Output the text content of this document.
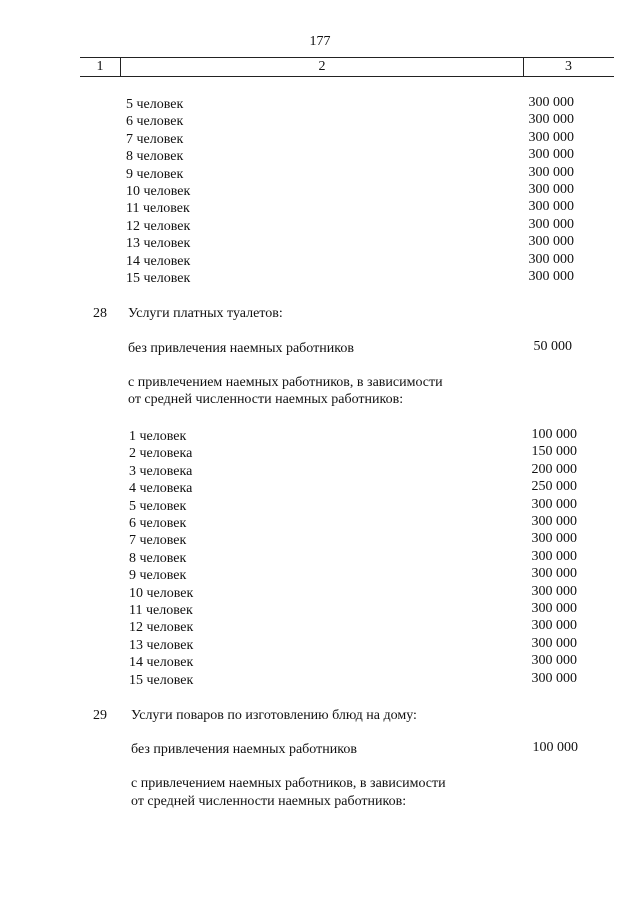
177
1	2	3
5 человек	300 000
6 человек	300 000
7 человек	300 000
8 человек	300 000
9 человек	300 000
10 человек	300 000
11 человек	300 000
12 человек	300 000
13 человек	300 000
14 человек	300 000
15 человек	300 000
28 Услуги платных туалетов:
без привлечения наемных работников	50 000
с привлечением наемных работников, в зависимости
от средней численности наемных работников:
1 человек	100 000
2 человека	150 000
3 человека	200 000
4 человека	250 000
5 человек	300 000
6 человек	300 000
7 человек	300 000
8 человек	300 000
9 человек	300 000
10 человек	300 000
11 человек	300 000
12 человек	300 000
13 человек	300 000
14 человек	300 000
15 человек	300 000
29 Услуги поваров по изготовлению блюд на дому:
без привлечения наемных работников	100 000
с привлечением наемных работников, в зависимости
от средней численности наемных работников:
